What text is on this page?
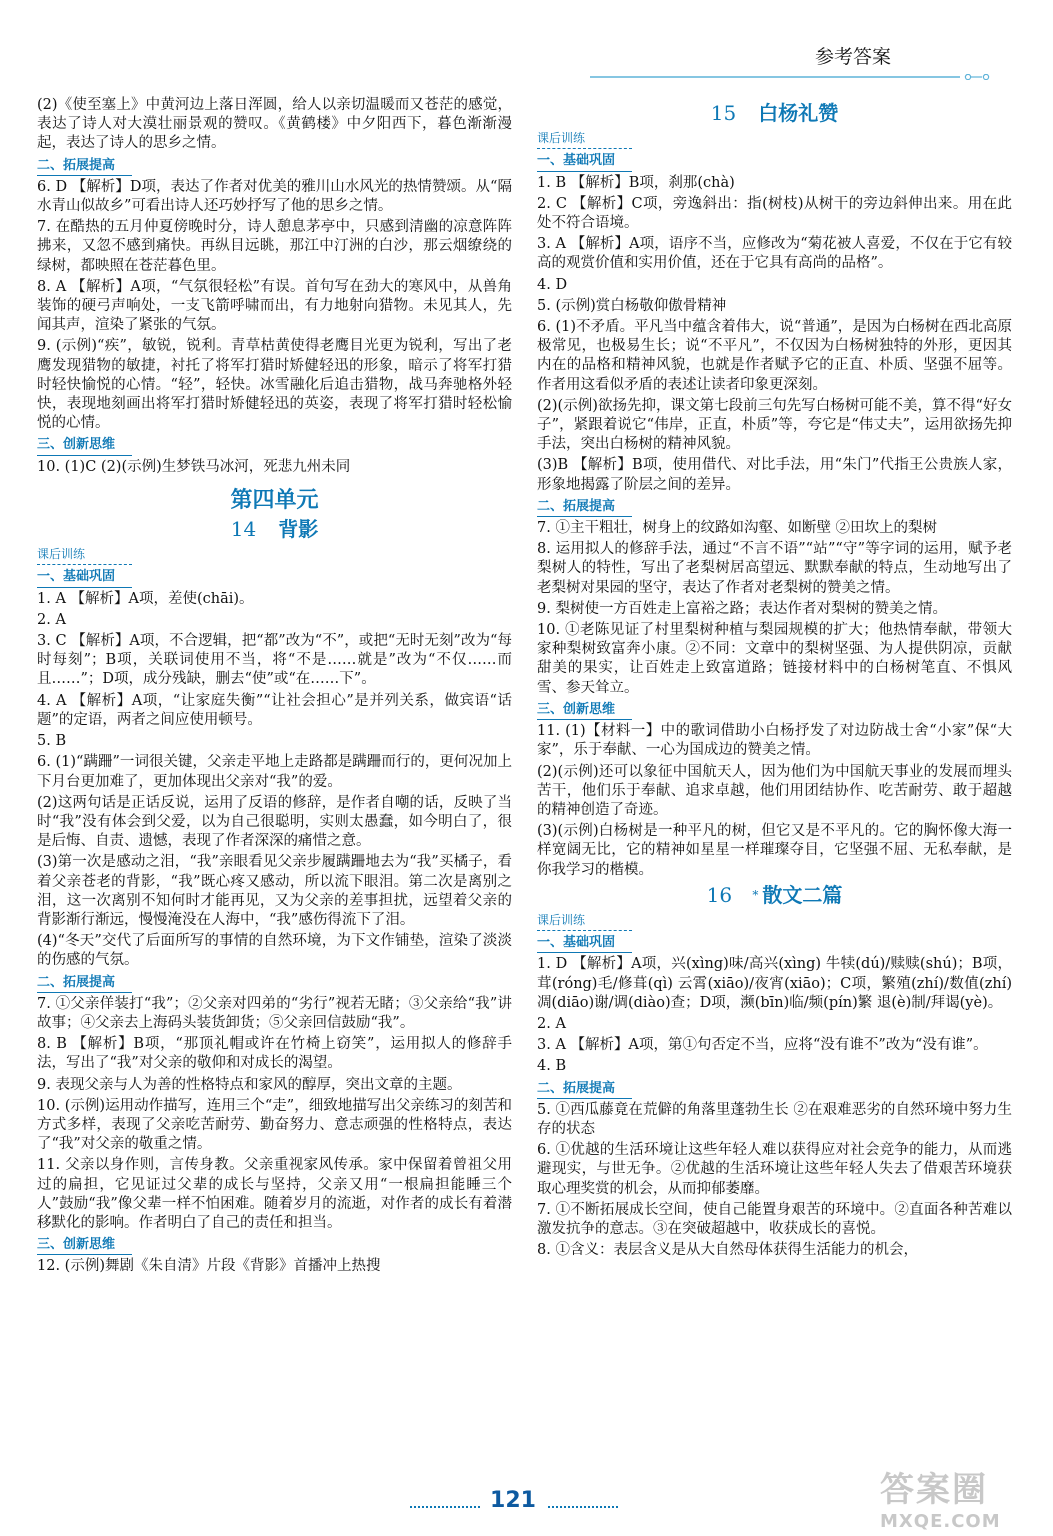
参考答案

(2)《使至塞上》中黄河边上落日浑圆，给人以亲切温暖而又苍茫的感觉，表达了诗人对大漠壮丽景观的赞叹。《黄鹤楼》中夕阳西下，暮色渐渐漫起，表达了诗人的思乡之情。

二、拓展提高

6. D 【解析】D项，表达了作者对优美的雅川山水风光的热情赞颂。从“隔水青山似故乡”可看出诗人还巧妙抒写了他的思乡之情。

7. 在酷热的五月仲夏傍晚时分，诗人憩息茅亭中，只感到清幽的凉意阵阵拂来，又忽不感到痛快。再纵目远眺，那江中汀洲的白沙，那云烟缭绕的绿树，都映照在苍茫暮色里。

8. A 【解析】A项，“气氛很轻松”有误。首句写在劲大的寒风中，从兽角装饰的硬弓声响处，一支飞箭呼啸而出，有力地射向猎物。未见其人，先闻其声，渲染了紧张的气氛。

9. (示例)“疾”，敏锐，锐利。青草枯黄使得老鹰目光更为锐利，写出了老鹰发现猎物的敏捷，衬托了将军打猎时矫健轻迅的形象，暗示了将军打猎时轻快愉悦的心情。“轻”，轻快。冰雪融化后追击猎物，战马奔驰格外轻快，表现地刻画出将军打猎时矫健轻迅的英姿，表现了将军打猎时轻松愉悦的心情。

三、创新思维

10. (1)C (2)(示例)生梦铁马冰河，死悲九州未同

第四单元
14 背影
课后训练
一、基础巩固

1. A 【解析】A项，差使(chāi)。

2. A

3. C 【解析】A项，不合逻辑，把“都”改为“不”，或把“无时无刻”改为“每时每刻”；B项，关联词使用不当，将“不是……就是”改为“不仅……而且……”；D项，成分残缺，删去“使”或“在……下”。

4. A 【解析】A项，“让家庭失衡”“让社会担心”是并列关系，做宾语“话题”的定语，两者之间应使用顿号。

5. B

6. (1)“蹒跚”一词很关键，父亲走平地上走路都是蹒跚而行的，更何况加上下月台更加难了，更加体现出父亲对“我”的爱。

(2)这两句话是正话反说，运用了反语的修辞，是作者自嘲的话，反映了当时“我”没有体会到父爱，以为自己很聪明，实则太愚蠢，如今明白了，很是后悔、自责、遗憾，表现了作者深深的痛惜之意。

(3)第一次是感动之泪，“我”亲眼看见父亲步履蹒跚地去为“我”买橘子，看着父亲苍老的背影，“我”既心疼又感动，所以流下眼泪。第二次是离别之泪，这一次离别不知何时才能再见，又为父亲的差事担扰，远望着父亲的背影渐行渐远，慢慢淹没在人海中，“我”感伤得流下了泪。

(4)“冬天”交代了后面所写的事情的自然环境，为下文作铺垫，渲染了淡淡的伤感的气氛。

二、拓展提高

7. ①父亲佯装打“我”；②父亲对四弟的“劣行”视若无睹；③父亲给“我”讲故事；④父亲去上海码头装货卸货；⑤父亲回信鼓励“我”。

8. B 【解析】B项，“那顶礼帽或许在竹椅上窃笑”，运用拟人的修辞手法，写出了“我”对父亲的敬仰和对成长的渴望。

9. 表现父亲与人为善的性格特点和家风的醇厚，突出文章的主题。

10. (示例)运用动作描写，连用三个“走”，细致地描写出父亲练习的刻苦和方式多样，表现了父亲吃苦耐劳、勤奋努力、意志顽强的性格特点，表达了“我”对父亲的敬重之情。

11. 父亲以身作则，言传身教。父亲重视家风传承。家中保留着曾祖父用过的扁担，它见证过父辈的成长与坚持，父亲又用“一根扁担能睡三个人”鼓励“我”像父辈一样不怕困难。随着岁月的流逝，对作者的成长有着潜移默化的影响。作者明白了自己的责任和担当。

三、创新思维

12. (示例)舞剧《朱自清》片段《背影》首播冲上热搜

15 白杨礼赞
课后训练
一、基础巩固

1. B 【解析】B项，刹那(chà)

2. C 【解析】C项，旁逸斜出：指(树枝)从树干的旁边斜伸出来。用在此处不符合语境。

3. A 【解析】A项，语序不当，应修改为“菊花被人喜爱，不仅在于它有较高的观赏价值和实用价值，还在于它具有高尚的品格”。

4. D

5. (示例)赏白杨敬仰傲骨精神

6. (1)不矛盾。平凡当中蕴含着伟大，说“普通”，是因为白杨树在西北高原极常见，也极易生长；说“不平凡”，不仅因为白杨树独特的外形，更因其内在的品格和精神风貌，也就是作者赋予它的正直、朴质、坚强不屈等。作者用这看似矛盾的表述让读者印象更深刻。

(2)(示例)欲扬先抑，课文第七段前三句先写白杨树可能不美，算不得“好女子”，紧跟着说它“伟岸，正直，朴质”等，夸它是“伟丈夫”，运用欲扬先抑手法，突出白杨树的精神风貌。

(3)B 【解析】B项，使用借代、对比手法，用“朱门”代指王公贵族人家，形象地揭露了阶层之间的差异。

二、拓展提高

7. ①主干粗壮，树身上的纹路如沟壑、如断壁 ②田坎上的梨树

8. 运用拟人的修辞手法，通过“不言不语”“站”“守”等字词的运用，赋予老梨树人的特性，写出了老梨树居高望远、默默奉献的特点，生动地写出了老梨树对果园的坚守，表达了作者对老梨树的赞美之情。

9. 梨树使一方百姓走上富裕之路；表达作者对梨树的赞美之情。

10. ①老陈见证了村里梨树种植与梨园规模的扩大；他热情奉献，带领大家种梨树致富奔小康。②不同：文章中的梨树坚强、为人提供阴凉，贡献甜美的果实，让百姓走上致富道路；链接材料中的白杨树笔直、不惧风雪、参天耸立。

三、创新思维

11. (1)【材料一】中的歌词借助小白杨抒发了对边防战士舍“小家”保“大家”，乐于奉献、一心为国成边的赞美之情。

(2)(示例)还可以象征中国航天人，因为他们为中国航天事业的发展而埋头苦干，他们乐于奉献、追求卓越，他们用团结协作、吃苦耐劳、敢于超越的精神创造了奇迹。

(3)(示例)白杨树是一种平凡的树，但它又是不平凡的。它的胸怀像大海一样宽阔无比，它的精神如星星一样璀璨夺目，它坚强不屈、无私奉献，是你我学习的楷模。

16 * 散文二篇
课后训练
一、基础巩固

1. D 【解析】A项，兴(xìng)味/高兴(xìng) 牛犊(dú)/赎赎(shú)；B项，茸(róng)毛/修葺(qì) 云霄(xiāo)/夜宵(xiāo)；C项，繁殖(zhí)/数值(zhí) 凋(diāo)谢/调(diào)查；D项，濒(bīn)临/频(pín)繁 退(è)制/拜谒(yè)。

2. A

3. A 【解析】A项，第①句否定不当，应将“没有谁不”改为“没有谁”。

4. B

二、拓展提高

5. ①西瓜藤竟在荒僻的角落里蓬勃生长 ②在艰难恶劣的自然环境中努力生存的状态

6. ①优越的生活环境让这些年轻人难以获得应对社会竞争的能力，从而逃避现实，与世无争。②优越的生活环境让这些年轻人失去了借艰苦环境获取心理奖赏的机会，从而抑郁萎靡。

7. ①不断拓展成长空间，使自己能置身艰苦的环境中。②直面各种苦难以激发抗争的意志。③在突破超越中，收获成长的喜悦。

8. ①含义：表层含义是从大自然母体获得生活能力的机会，

121	答案圈
MXQE.COM
